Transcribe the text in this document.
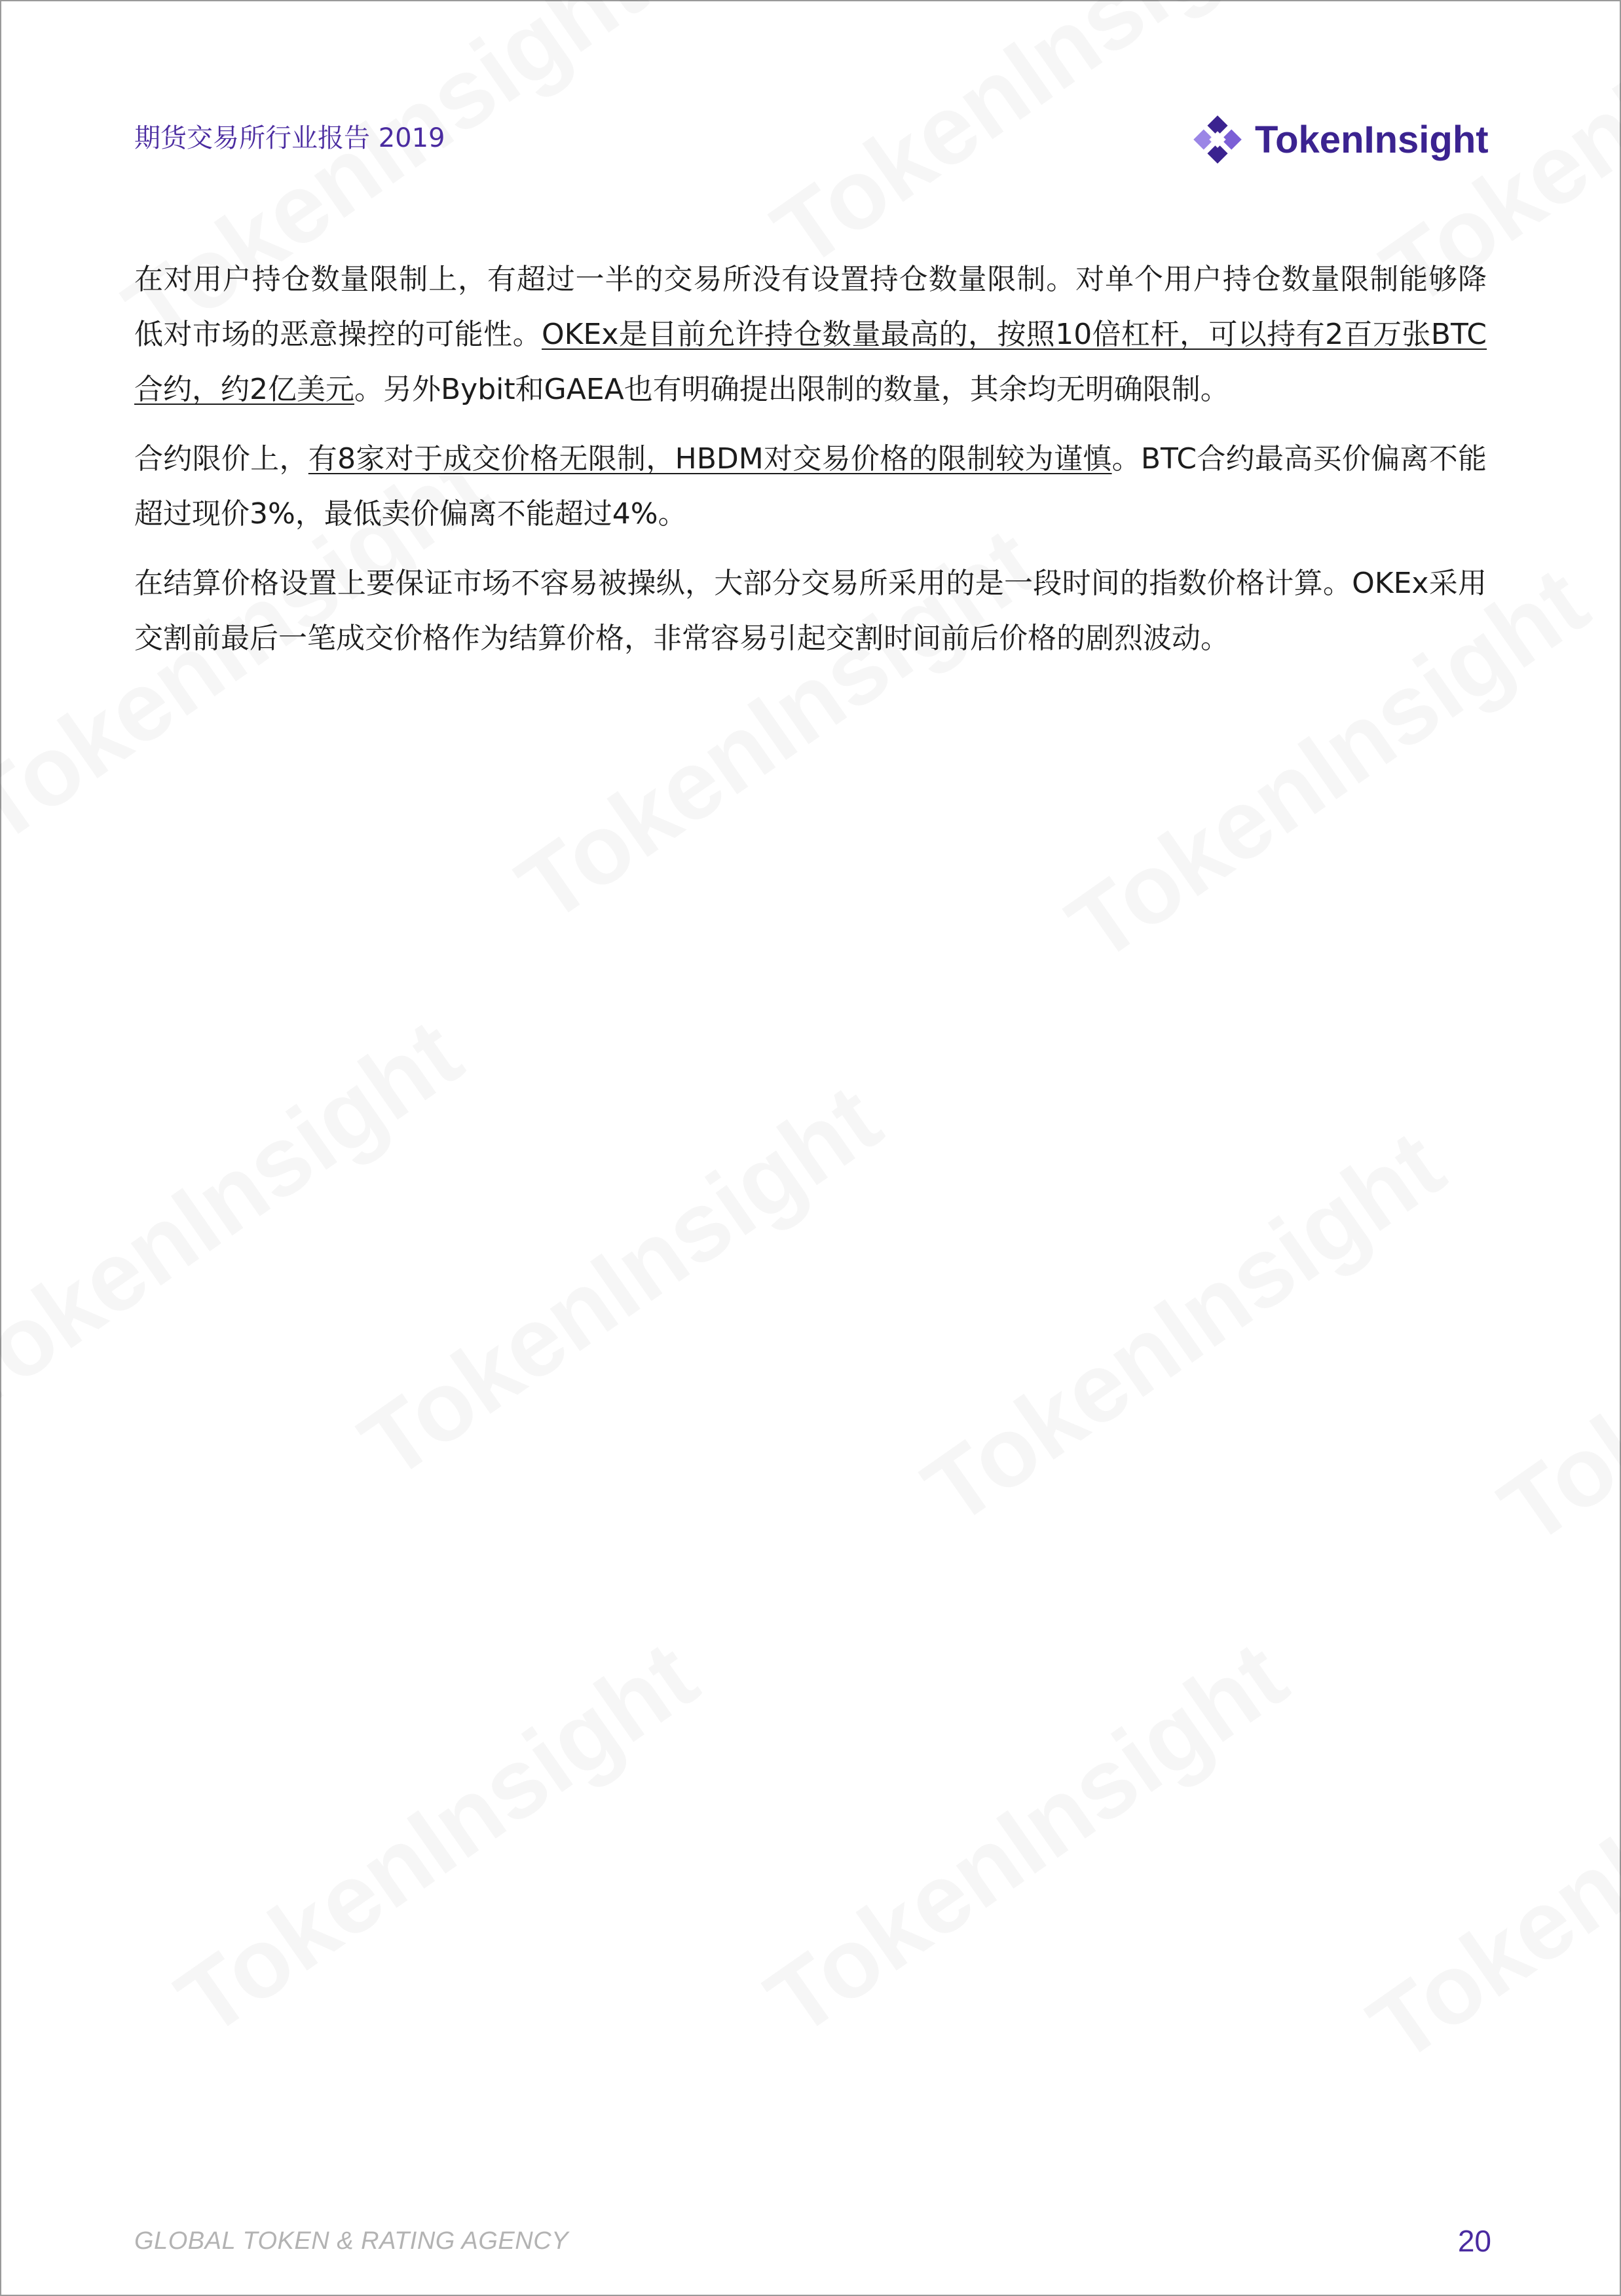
期货交易所行业报告 2019	TokenInsight

在对用户持仓数量限制上，有超过一半的交易所没有设置持仓数量限制。对单个用户持仓数量限制能够降低对市场的恶意操控的可能性。OKEx是目前允许持仓数量最高的，按照10倍杠杆，可以持有2百万张BTC合约，约2亿美元。另外Bybit和GAEA也有明确提出限制的数量，其余均无明确限制。

合约限价上，有8家对于成交价格无限制，HBDM对交易价格的限制较为谨慎。BTC合约最高买价偏离不能超过现价3%，最低卖价偏离不能超过4%。

在结算价格设置上要保证市场不容易被操纵，大部分交易所采用的是一段时间的指数价格计算。OKEx采用交割前最后一笔成交价格作为结算价格，非常容易引起交割时间前后价格的剧烈波动。

GLOBAL TOKEN & RATING AGENCY	20
